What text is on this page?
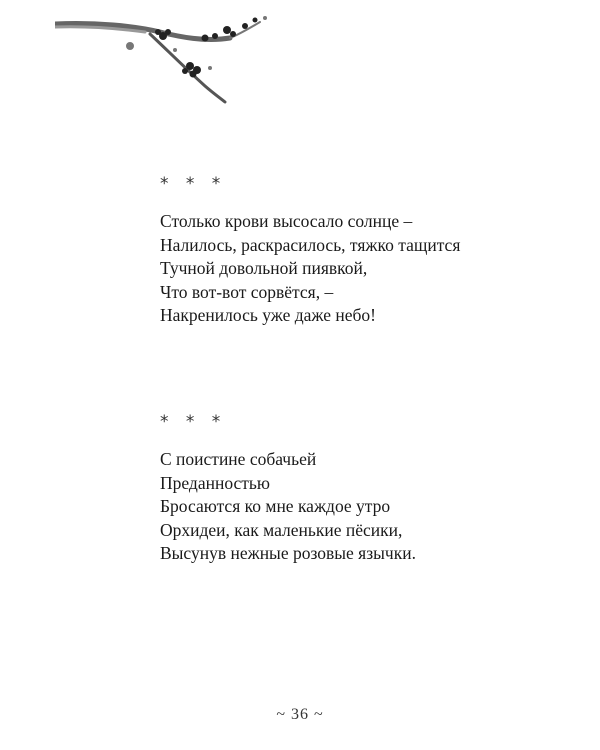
* * *
Столько крови высосало солнце –
Налилось, раскрасилось, тяжко тащится
Тучной довольной пиявкой,
Что вот-вот сорвётся, –
Накренилось уже даже небо!
* * *
С поистине собачьей
Преданностью
Бросаются ко мне каждое утро
Орхидеи, как маленькие пёсики,
Высунув нежные розовые язычки.
~ 36 ~
